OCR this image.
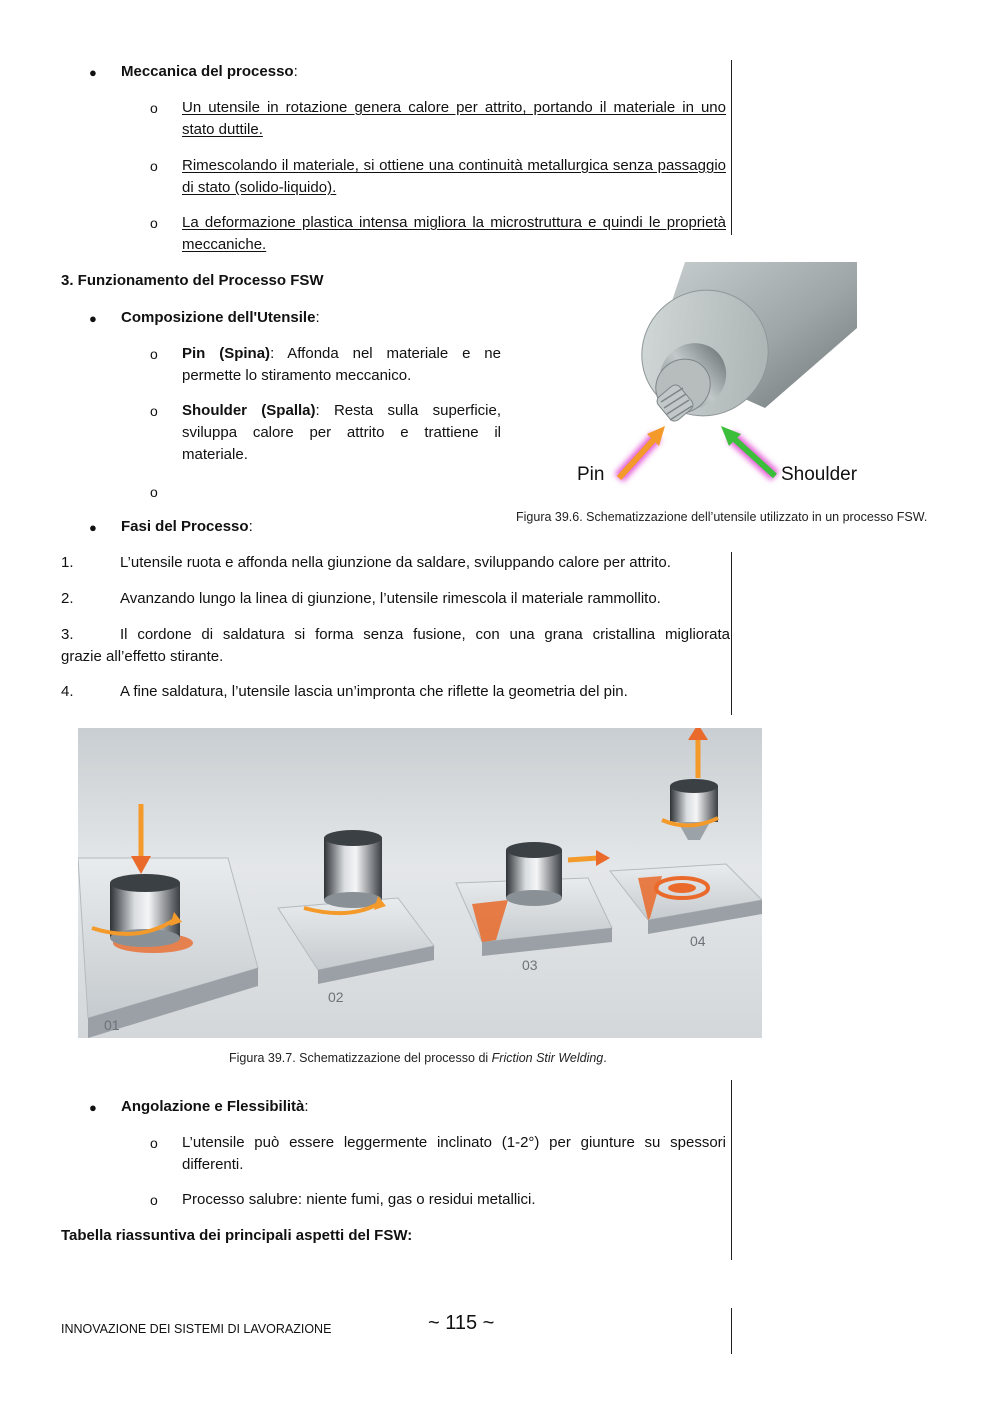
● Meccanica del processo:
o Un utensile in rotazione genera calore per attrito, portando il materiale in uno stato duttile.
o Rimescolando il materiale, si ottiene una continuità metallurgica senza passaggio di stato (solido-liquido).
o La deformazione plastica intensa migliora la microstruttura e quindi le proprietà meccaniche.
3. Funzionamento del Processo FSW
● Composizione dell'Utensile:
o Pin (Spina): Affonda nel materiale e ne permette lo stiramento meccanico.
o Shoulder (Spalla): Resta sulla superficie, sviluppa calore per attrito e trattiene il materiale.
o
● Fasi del Processo:
1.	L’utensile ruota e affonda nella giunzione da saldare, sviluppando calore per attrito.
2.	Avanzando lungo la linea di giunzione, l’utensile rimescola il materiale rammollito.
3.	Il cordone di saldatura si forma senza fusione, con una grana cristallina migliorata
grazie all’effetto stirante.
4.	A fine saldatura, l’utensile lascia un’impronta che riflette la geometria del pin.
Pin	Shoulder
Figura 39.6. Schematizzazione dell’utensile utilizzato in un processo FSW.
01
02
03
04
Figura 39.7. Schematizzazione del processo di Friction Stir Welding.
● Angolazione e Flessibilità:
o L’utensile può essere leggermente inclinato (1-2°) per giunture su spessori differenti.
o Processo salubre: niente fumi, gas o residui metallici.
Tabella riassuntiva dei principali aspetti del FSW:
INNOVAZIONE DEI SISTEMI DI LAVORAZIONE	~ 115 ~
